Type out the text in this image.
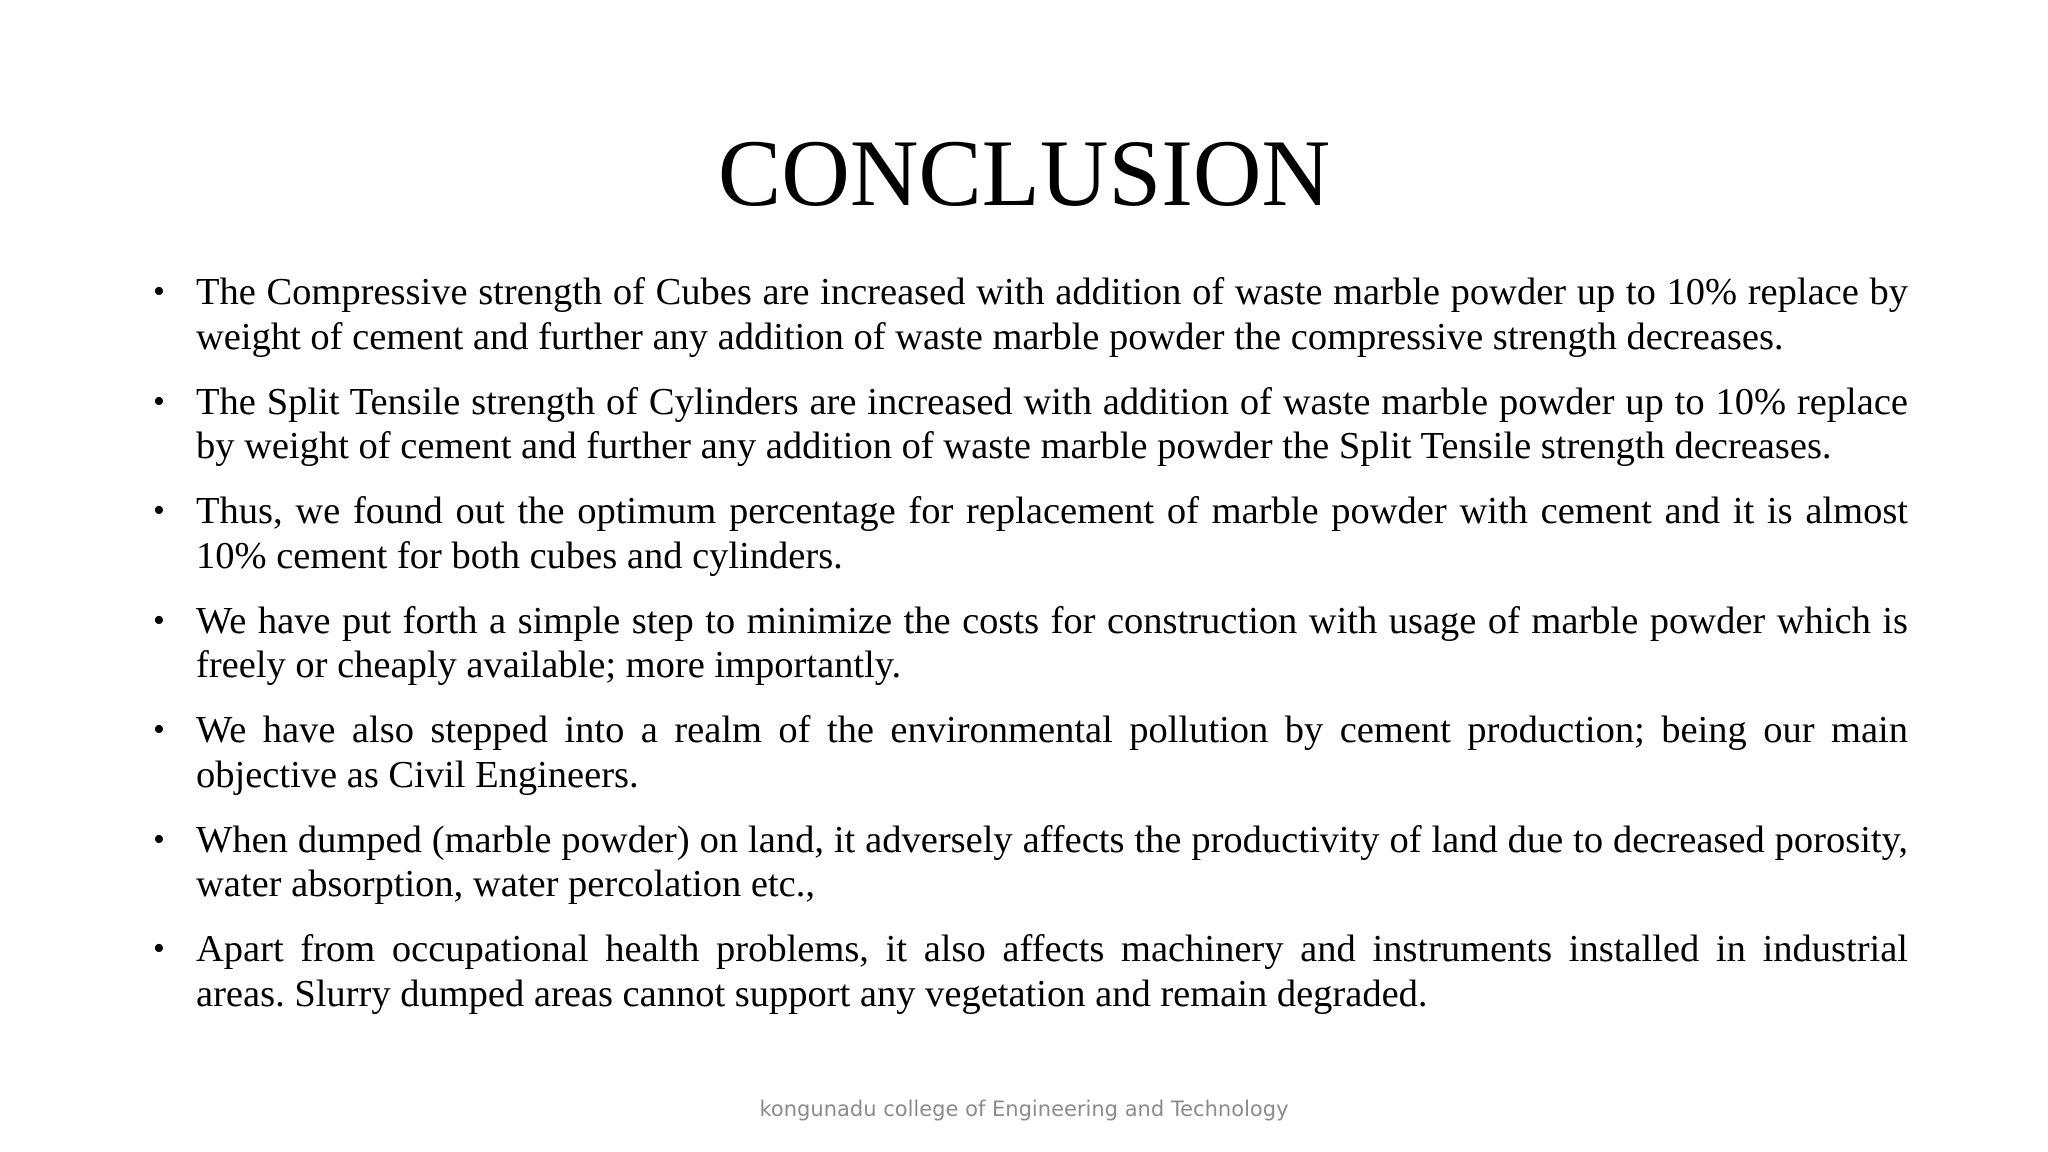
CONCLUSION
• The Compressive strength of Cubes are increased with addition of waste marble powder up to 10% replace by weight of cement and further any addition of waste marble powder the compressive strength decreases.
• The Split Tensile strength of Cylinders are increased with addition of waste marble powder up to 10% replace by weight of cement and further any addition of waste marble powder the Split Tensile strength decreases.
• Thus, we found out the optimum percentage for replacement of marble powder with cement and it is almost 10% cement for both cubes and cylinders.
• We have put forth a simple step to minimize the costs for construction with usage of marble powder which is freely or cheaply available; more importantly.
• We have also stepped into a realm of the environmental pollution by cement production; being our main objective as Civil Engineers.
• When dumped (marble powder) on land, it adversely affects the productivity of land due to decreased porosity, water absorption, water percolation etc.,
• Apart from occupational health problems, it also affects machinery and instruments installed in industrial areas. Slurry dumped areas cannot support any vegetation and remain degraded.
kongunadu college of Engineering and Technology
